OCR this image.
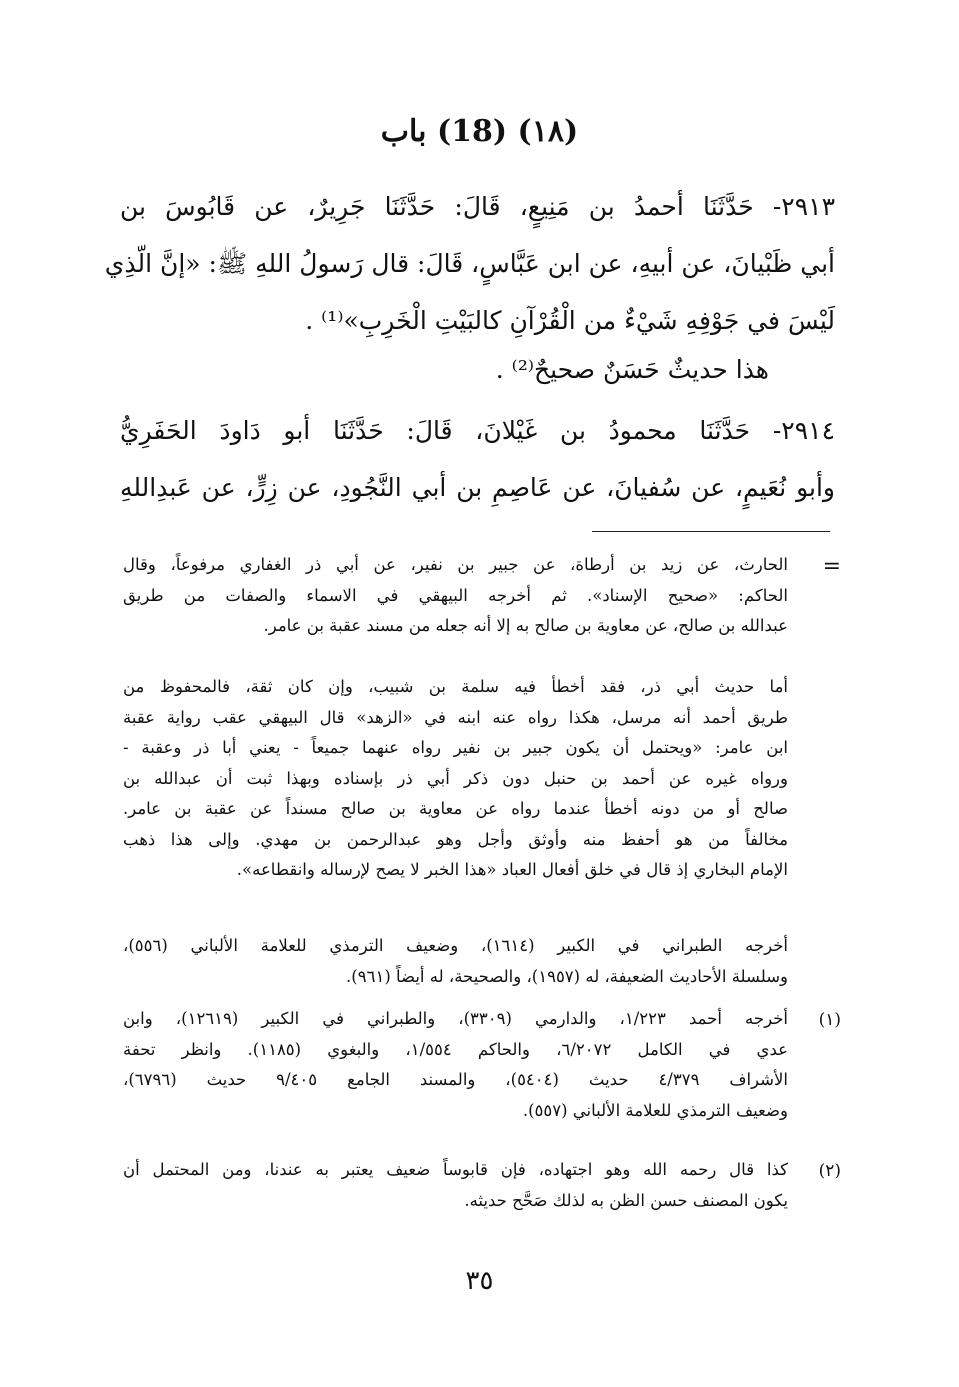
(١٨) (18) باب
٢٩١٣- حَدَّثَنَا أحمدُ بن مَنِيعٍ، قَالَ: حَدَّثَنَا جَرِيرٌ، عن قَابُوسَ بن
أبي ظَبْيانَ، عن أبيهِ، عن ابن عَبَّاسٍ، قَالَ: قال رَسولُ اللهِ ﷺ: «إنَّ الّذِي
لَيْسَ في جَوْفِهِ شَيْءٌ من الْقُرْآنِ كالبَيْتِ الْخَرِبِ»⁽¹⁾ .
هذا حديثٌ حَسَنٌ صحيحٌ⁽²⁾ .
٢٩١٤- حَدَّثَنَا محمودُ بن غَيْلانَ، قَالَ: حَدَّثَنَا أبو دَاودَ الحَفَرِيُّ
وأبو نُعَيمٍ، عن سُفيانَ، عن عَاصِمِ بن أبي النَّجُودِ، عن زِرٍّ، عن عَبدِاللهِ
=
الحارث، عن زيد بن أرطاة، عن جبير بن نفير، عن أبي ذر الغفاري مرفوعاً، وقال
الحاكم: «صحيح الإسناد». ثم أخرجه البيهقي في الاسماء والصفات من طريق
عبدالله بن صالح، عن معاوية بن صالح به إلا أنه جعله من مسند عقبة بن عامر.
أما حديث أبي ذر، فقد أخطأ فيه سلمة بن شبيب، وإن كان ثقة، فالمحفوظ من
طريق أحمد أنه مرسل، هكذا رواه عنه ابنه في «الزهد» قال البيهقي عقب رواية عقبة
ابن عامر: «ويحتمل أن يكون جبير بن نفير رواه عنهما جميعاً - يعني أبا ذر وعقبة -
ورواه غيره عن أحمد بن حنبل دون ذكر أبي ذر بإسناده وبهذا ثبت أن عبدالله بن
صالح أو من دونه أخطأ عندما رواه عن معاوية بن صالح مسنداً عن عقبة بن عامر.
مخالفاً من هو أحفظ منه وأوثق وأجل وهو عبدالرحمن بن مهدي. وإلى هذا ذهب
الإمام البخاري إذ قال في خلق أفعال العباد «هذا الخبر لا يصح لإرساله وانقطاعه».
أخرجه الطبراني في الكبير (١٦١٤)، وضعيف الترمذي للعلامة الألباني (٥٥٦)،
وسلسلة الأحاديث الضعيفة، له (١٩٥٧)، والصحيحة، له أيضاً (٩٦١).
(١)
أخرجه أحمد ١/٢٢٣، والدارمي (٣٣٠٩)، والطبراني في الكبير (١٢٦١٩)، وابن
عدي في الكامل ٦/٢٠٧٢، والحاكم ١/٥٥٤، والبغوي (١١٨٥). وانظر تحفة
الأشراف ٤/٣٧٩ حديث (٥٤٠٤)، والمسند الجامع ٩/٤٠٥ حديث (٦٧٩٦)،
وضعيف الترمذي للعلامة الألباني (٥٥٧).
(٢)
كذا قال رحمه الله وهو اجتهاده، فإن قابوساً ضعيف يعتبر به عندنا، ومن المحتمل أن
يكون المصنف حسن الظن به لذلك صَحَّح حديثه.
٣٥
